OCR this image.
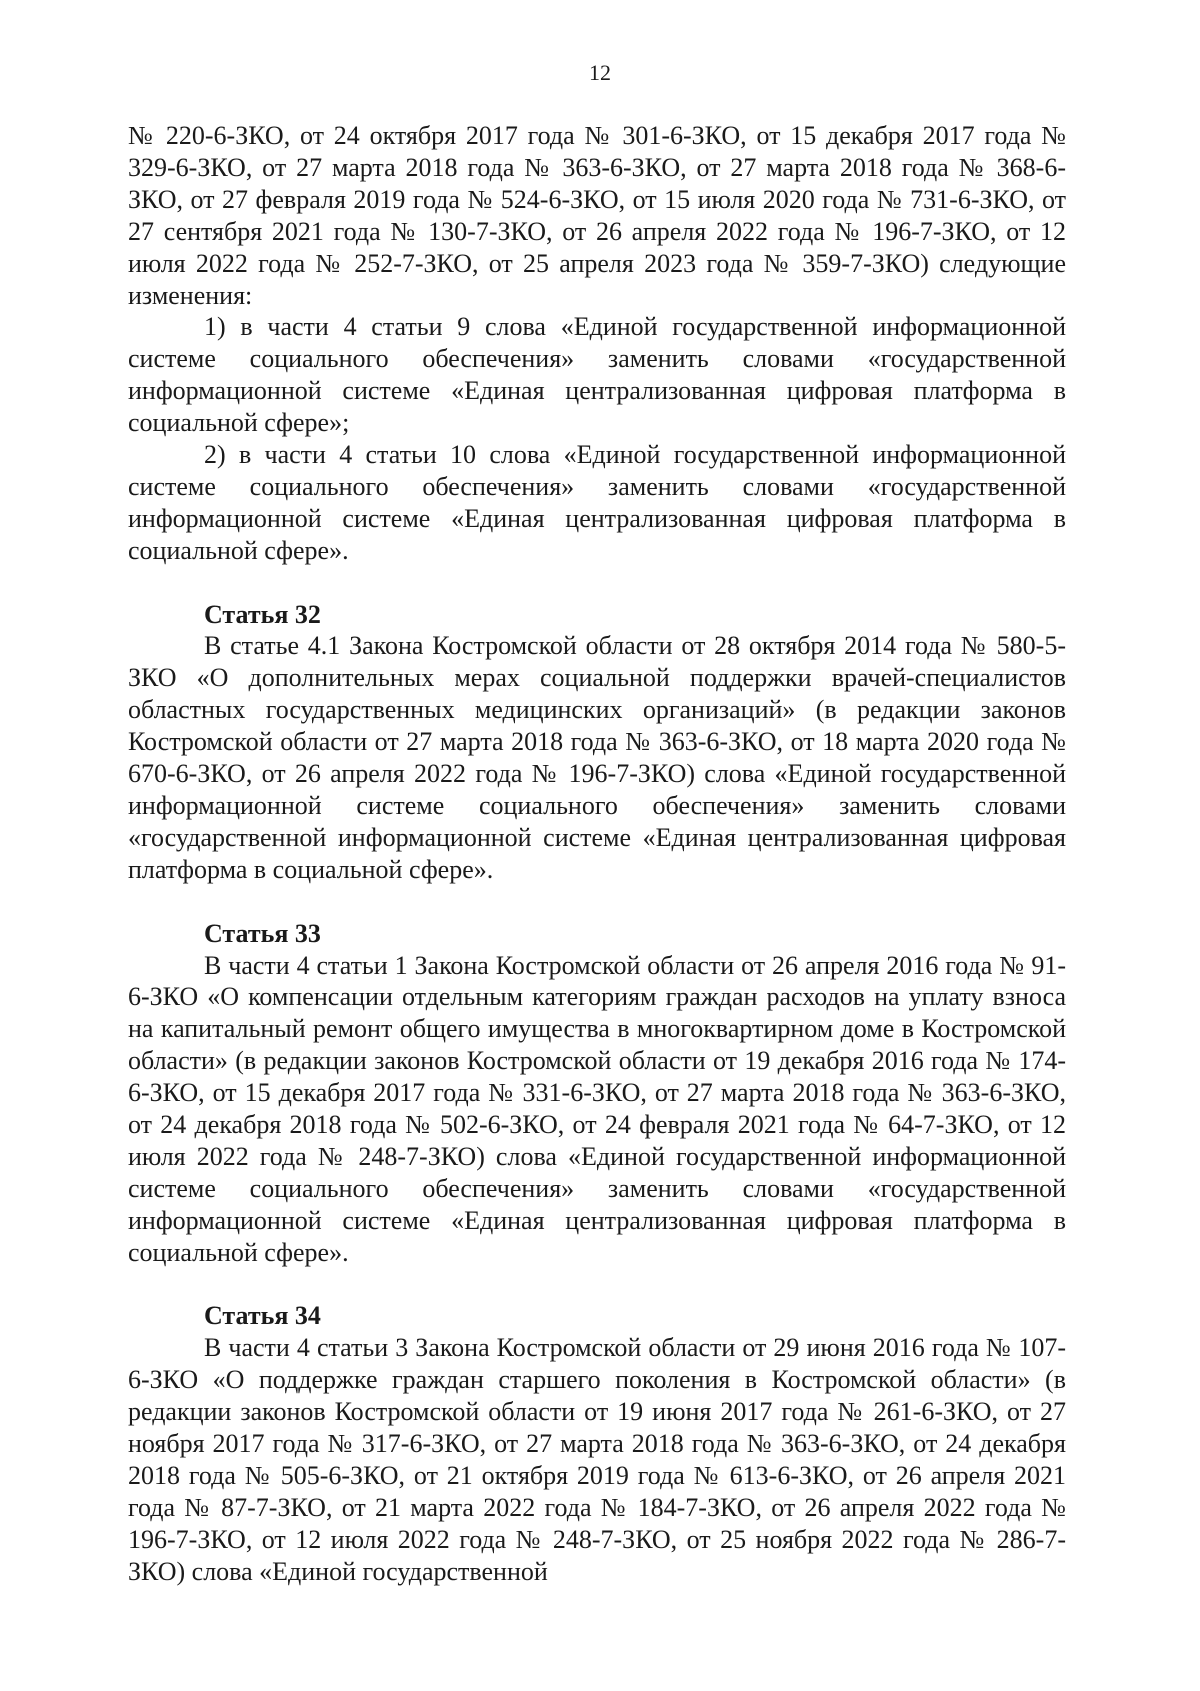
12

№ 220-6-ЗКО, от 24 октября 2017 года № 301-6-ЗКО, от 15 декабря 2017 года № 329-6-ЗКО, от 27 марта 2018 года № 363-6-ЗКО, от 27 марта 2018 года № 368-6-ЗКО, от 27 февраля 2019 года № 524-6-ЗКО, от 15 июля 2020 года № 731-6-ЗКО, от 27 сентября 2021 года № 130-7-ЗКО, от 26 апреля 2022 года № 196-7-ЗКО, от 12 июля 2022 года № 252-7-ЗКО, от 25 апреля 2023 года № 359-7-ЗКО) следующие изменения:

1) в части 4 статьи 9 слова «Единой государственной информационной системе социального обеспечения» заменить словами «государственной информационной системе «Единая централизованная цифровая платформа в социальной сфере»;

2) в части 4 статьи 10 слова «Единой государственной информационной системе социального обеспечения» заменить словами «государственной информационной системе «Единая централизованная цифровая платформа в социальной сфере».

Статья 32

В статье 4.1 Закона Костромской области от 28 октября 2014 года № 580-5-ЗКО «О дополнительных мерах социальной поддержки врачей-специалистов областных государственных медицинских организаций» (в редакции законов Костромской области от 27 марта 2018 года № 363-6-ЗКО, от 18 марта 2020 года № 670-6-ЗКО, от 26 апреля 2022 года № 196-7-ЗКО) слова «Единой государственной информационной системе социального обеспечения» заменить словами «государственной информационной системе «Единая централизованная цифровая платформа в социальной сфере».

Статья 33

В части 4 статьи 1 Закона Костромской области от 26 апреля 2016 года № 91-6-ЗКО «О компенсации отдельным категориям граждан расходов на уплату взноса на капитальный ремонт общего имущества в многоквартирном доме в Костромской области» (в редакции законов Костромской области от 19 декабря 2016 года № 174-6-ЗКО, от 15 декабря 2017 года № 331-6-ЗКО, от 27 марта 2018 года № 363-6-ЗКО, от 24 декабря 2018 года № 502-6-ЗКО, от 24 февраля 2021 года № 64-7-ЗКО, от 12 июля 2022 года № 248-7-ЗКО) слова «Единой государственной информационной системе социального обеспечения» заменить словами «государственной информационной системе «Единая централизованная цифровая платформа в социальной сфере».

Статья 34

В части 4 статьи 3 Закона Костромской области от 29 июня 2016 года № 107-6-ЗКО «О поддержке граждан старшего поколения в Костромской области» (в редакции законов Костромской области от 19 июня 2017 года № 261-6-ЗКО, от 27 ноября 2017 года № 317-6-ЗКО, от 27 марта 2018 года № 363-6-ЗКО, от 24 декабря 2018 года № 505-6-ЗКО, от 21 октября 2019 года № 613-6-ЗКО, от 26 апреля 2021 года № 87-7-ЗКО, от 21 марта 2022 года № 184-7-ЗКО, от 26 апреля 2022 года № 196-7-ЗКО, от 12 июля 2022 года № 248-7-ЗКО, от 25 ноября 2022 года № 286-7-ЗКО) слова «Единой государственной
